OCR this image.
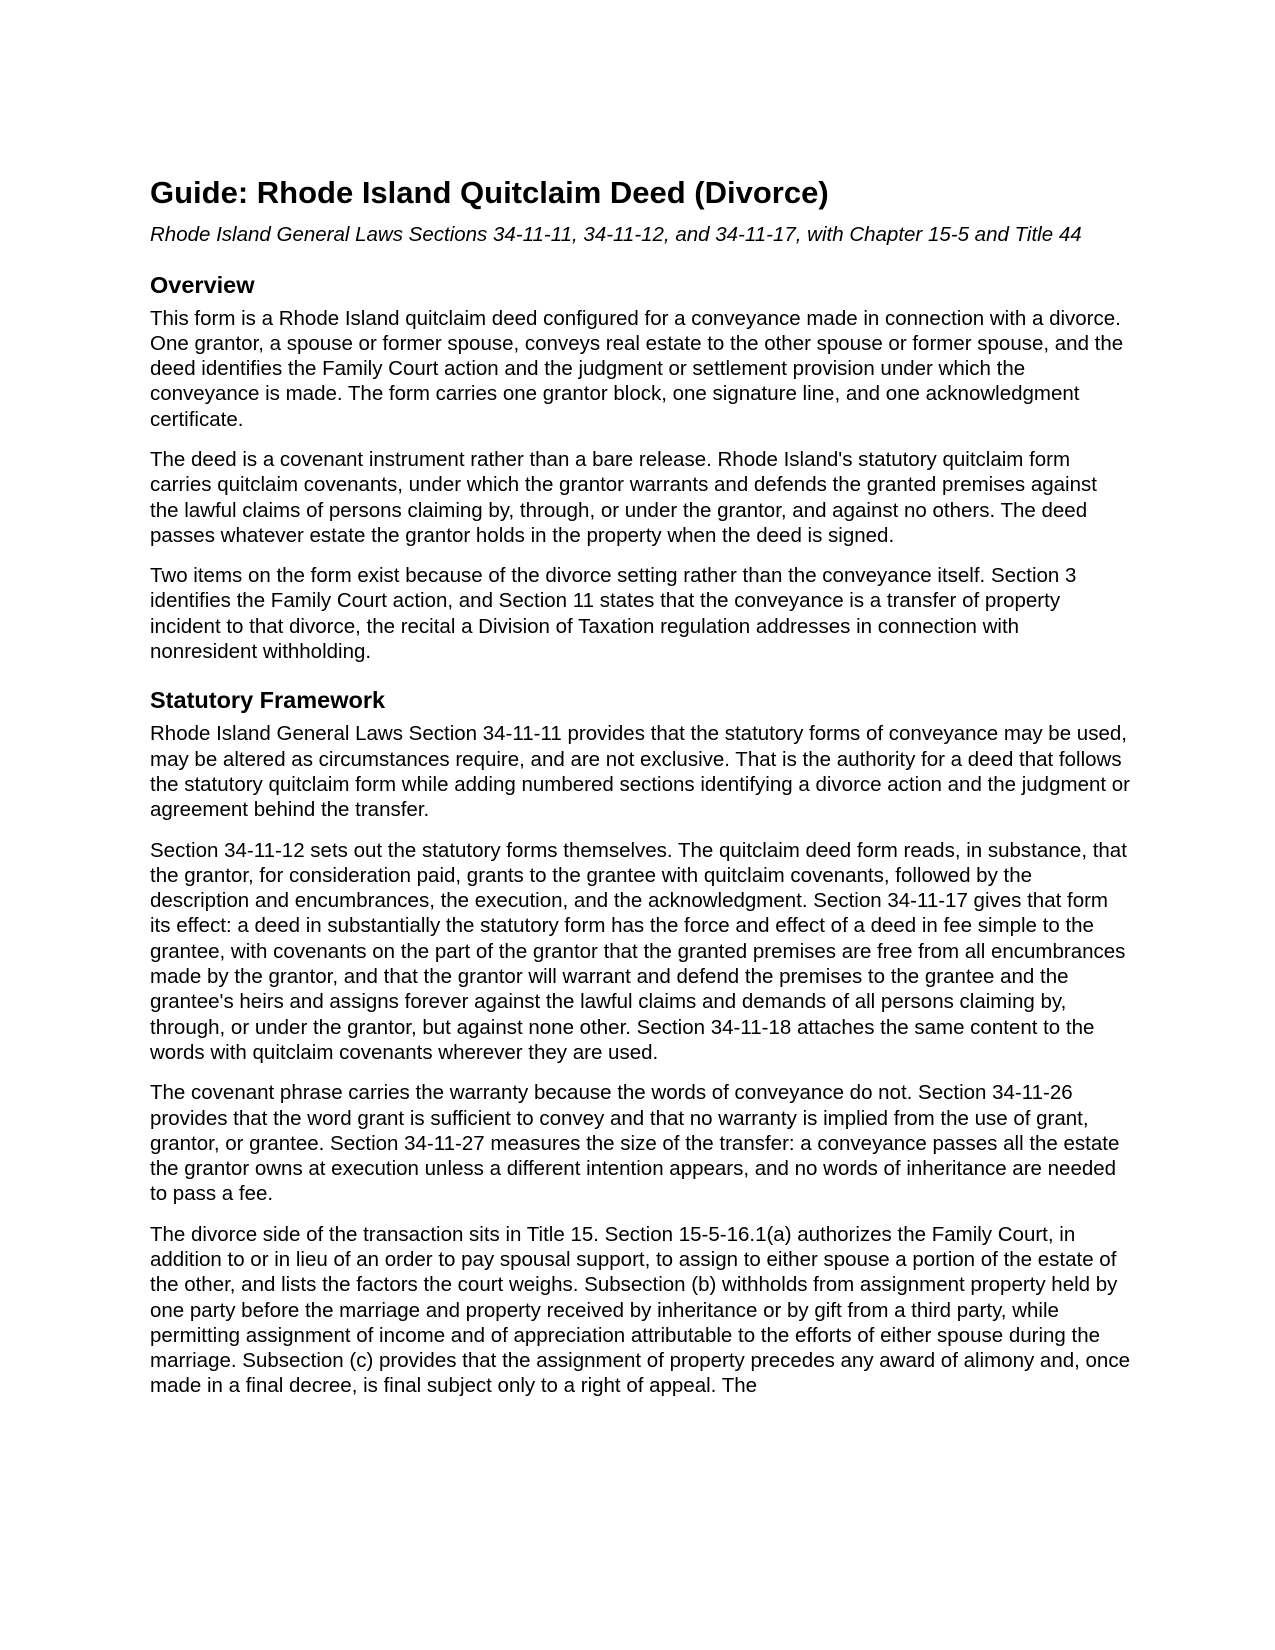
Guide: Rhode Island Quitclaim Deed (Divorce)

Rhode Island General Laws Sections 34-11-11, 34-11-12, and 34-11-17, with Chapter 15-5 and Title 44

Overview

This form is a Rhode Island quitclaim deed configured for a conveyance made in connection with a divorce. One grantor, a spouse or former spouse, conveys real estate to the other spouse or former spouse, and the deed identifies the Family Court action and the judgment or settlement provision under which the conveyance is made. The form carries one grantor block, one signature line, and one acknowledgment certificate.

The deed is a covenant instrument rather than a bare release. Rhode Island's statutory quitclaim form carries quitclaim covenants, under which the grantor warrants and defends the granted premises against the lawful claims of persons claiming by, through, or under the grantor, and against no others. The deed passes whatever estate the grantor holds in the property when the deed is signed.

Two items on the form exist because of the divorce setting rather than the conveyance itself. Section 3 identifies the Family Court action, and Section 11 states that the conveyance is a transfer of property incident to that divorce, the recital a Division of Taxation regulation addresses in connection with nonresident withholding.

Statutory Framework

Rhode Island General Laws Section 34-11-11 provides that the statutory forms of conveyance may be used, may be altered as circumstances require, and are not exclusive. That is the authority for a deed that follows the statutory quitclaim form while adding numbered sections identifying a divorce action and the judgment or agreement behind the transfer.

Section 34-11-12 sets out the statutory forms themselves. The quitclaim deed form reads, in substance, that the grantor, for consideration paid, grants to the grantee with quitclaim covenants, followed by the description and encumbrances, the execution, and the acknowledgment. Section 34-11-17 gives that form its effect: a deed in substantially the statutory form has the force and effect of a deed in fee simple to the grantee, with covenants on the part of the grantor that the granted premises are free from all encumbrances made by the grantor, and that the grantor will warrant and defend the premises to the grantee and the grantee's heirs and assigns forever against the lawful claims and demands of all persons claiming by, through, or under the grantor, but against none other. Section 34-11-18 attaches the same content to the words with quitclaim covenants wherever they are used.

The covenant phrase carries the warranty because the words of conveyance do not. Section 34-11-26 provides that the word grant is sufficient to convey and that no warranty is implied from the use of grant, grantor, or grantee. Section 34-11-27 measures the size of the transfer: a conveyance passes all the estate the grantor owns at execution unless a different intention appears, and no words of inheritance are needed to pass a fee.

The divorce side of the transaction sits in Title 15. Section 15-5-16.1(a) authorizes the Family Court, in addition to or in lieu of an order to pay spousal support, to assign to either spouse a portion of the estate of the other, and lists the factors the court weighs. Subsection (b) withholds from assignment property held by one party before the marriage and property received by inheritance or by gift from a third party, while permitting assignment of income and of appreciation attributable to the efforts of either spouse during the marriage. Subsection (c) provides that the assignment of property precedes any award of alimony and, once made in a final decree, is final subject only to a right of appeal. The
